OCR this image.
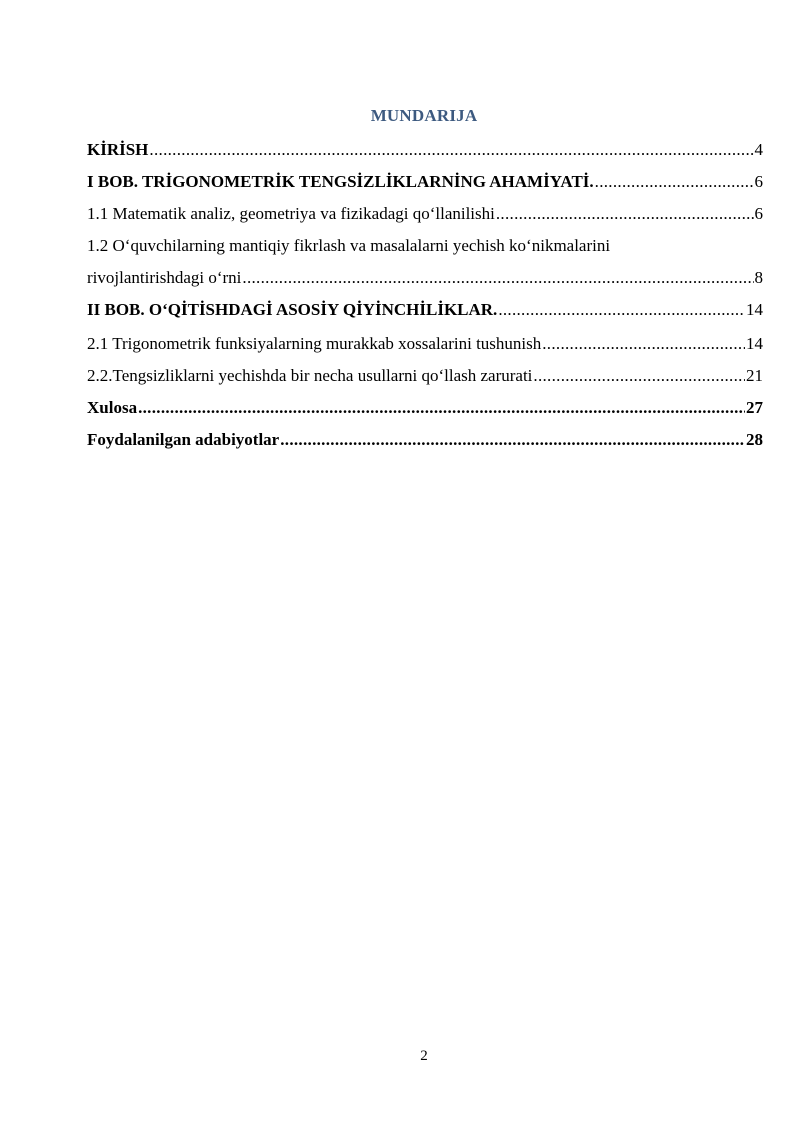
MUNDARIJA
KİRİSH .....	4
I BOB. TRİGONOMETRİK TENGSİZLİKLARNİNG AHAMİYATİ. .....	6
1.1 Matematik analiz, geometriya va fizikadagi qo‘llanilishi .....	6
1.2 O‘quvchilarning mantiqiy fikrlash va masalalarni yechish ko‘nikmalarini
rivojlantirishdagi o‘rni .....	8
II BOB. O‘QİTİSHDAGİ ASOSİY QİYİNCHİLİKLAR. .....	14
2.1 Trigonometrik funksiyalarning murakkab xossalarini tushunish .....	14
2.2.Tengsizliklarni yechishda bir necha usullarni qo‘llash zarurati .....	21
Xulosa .....	27
Foydalanilgan adabiyotlar .....	28
2
